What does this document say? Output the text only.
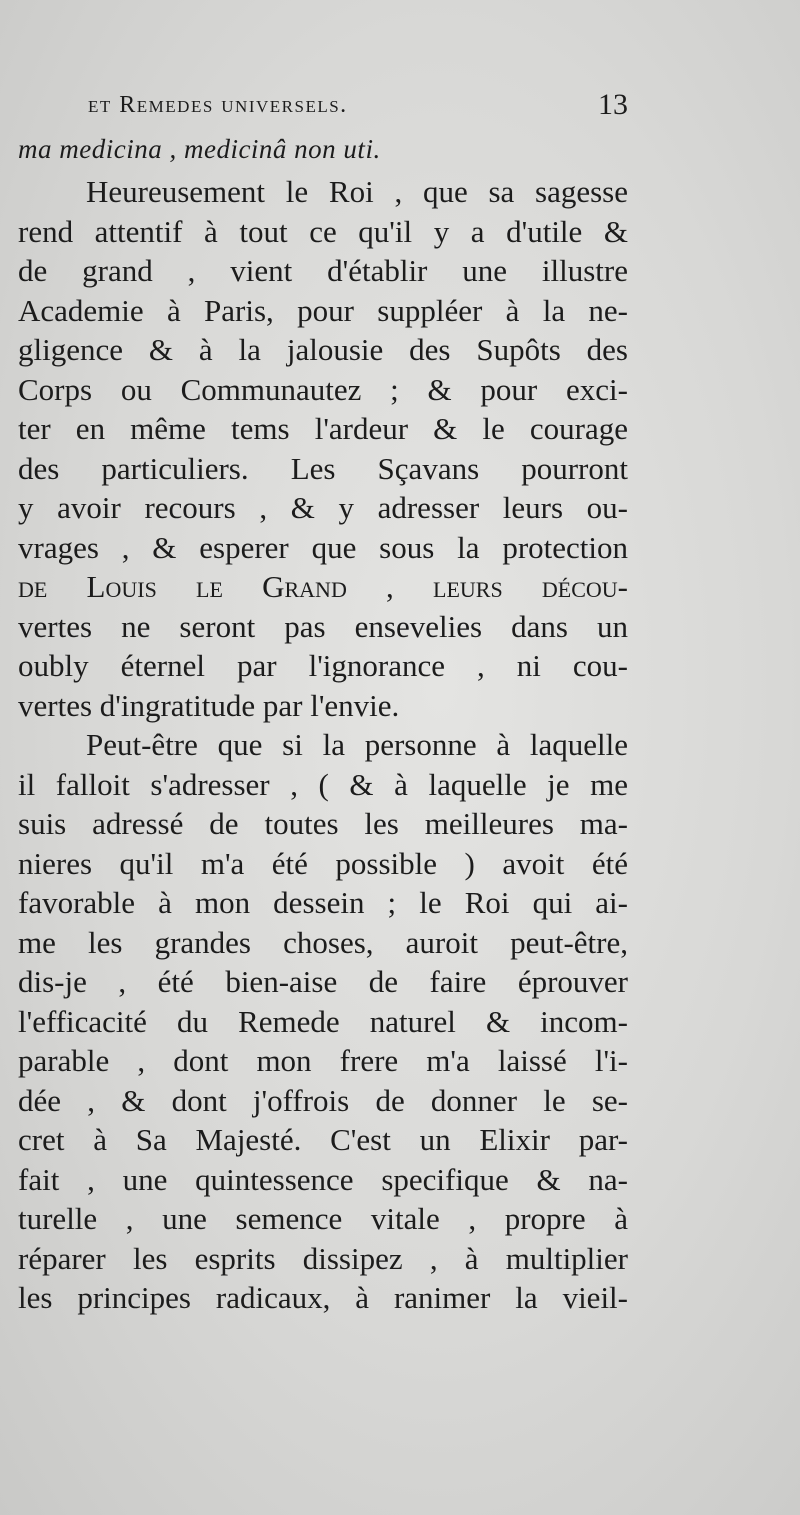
et Remedes universels.	13
ma medicina , medicinâ non uti.
Heureusement le Roi , que sa sagesse
rend attentif à tout ce qu'il y a d'utile &
de grand , vient d'établir une illustre
Academie à Paris, pour suppléer à la ne-
gligence & à la jalousie des Supôts des
Corps ou Communautez ; & pour exci-
ter en même tems l'ardeur & le courage
des particuliers. Les Sçavans pourront
y avoir recours , & y adresser leurs ou-
vrages , & esperer que sous la protection
de Louis le Grand , leurs décou-
vertes ne seront pas ensevelies dans un
oubly éternel par l'ignorance , ni cou-
vertes d'ingratitude par l'envie.
Peut-être que si la personne à laquelle
il falloit s'adresser , ( & à laquelle je me
suis adressé de toutes les meilleures ma-
nieres qu'il m'a été possible ) avoit été
favorable à mon dessein ; le Roi qui ai-
me les grandes choses, auroit peut-être,
dis-je , été bien-aise de faire éprouver
l'efficacité du Remede naturel & incom-
parable , dont mon frere m'a laissé l'i-
dée , & dont j'offrois de donner le se-
cret à Sa Majesté. C'est un Elixir par-
fait , une quintessence specifique & na-
turelle , une semence vitale , propre à
réparer les esprits dissipez , à multiplier
les principes radicaux, à ranimer la vieil-
